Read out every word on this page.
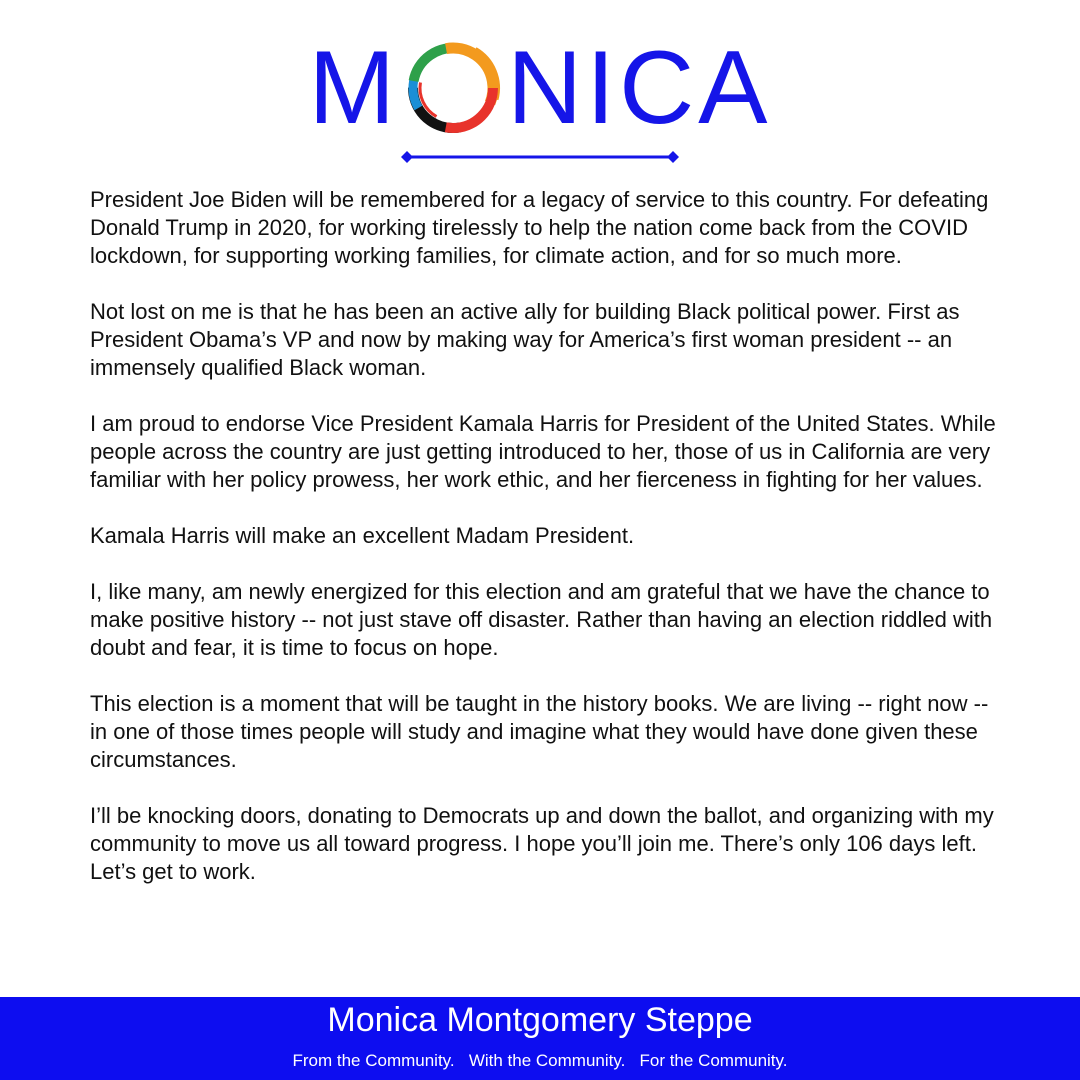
M NICA

President Joe Biden will be remembered for a legacy of service to this country. For defeating Donald Trump in 2020, for working tirelessly to help the nation come back from the COVID lockdown, for supporting working families, for climate action, and for so much more.

Not lost on me is that he has been an active ally for building Black political power. First as President Obama’s VP and now by making way for America’s first woman president -- an immensely qualified Black woman.

I am proud to endorse Vice President Kamala Harris for President of the United States. While people across the country are just getting introduced to her, those of us in California are very familiar with her policy prowess, her work ethic, and her fierceness in fighting for her values.

Kamala Harris will make an excellent Madam President.

I, like many, am newly energized for this election and am grateful that we have the chance to make positive history -- not just stave off disaster. Rather than having an election riddled with doubt and fear, it is time to focus on hope.

This election is a moment that will be taught in the history books. We are living -- right now -- in one of those times people will study and imagine what they would have done given these circumstances.

I’ll be knocking doors, donating to Democrats up and down the ballot, and organizing with my community to move us all toward progress. I hope you’ll join me. There’s only 106 days left. Let’s get to work.

Monica Montgomery Steppe
From the Community.   With the Community.   For the Community.
